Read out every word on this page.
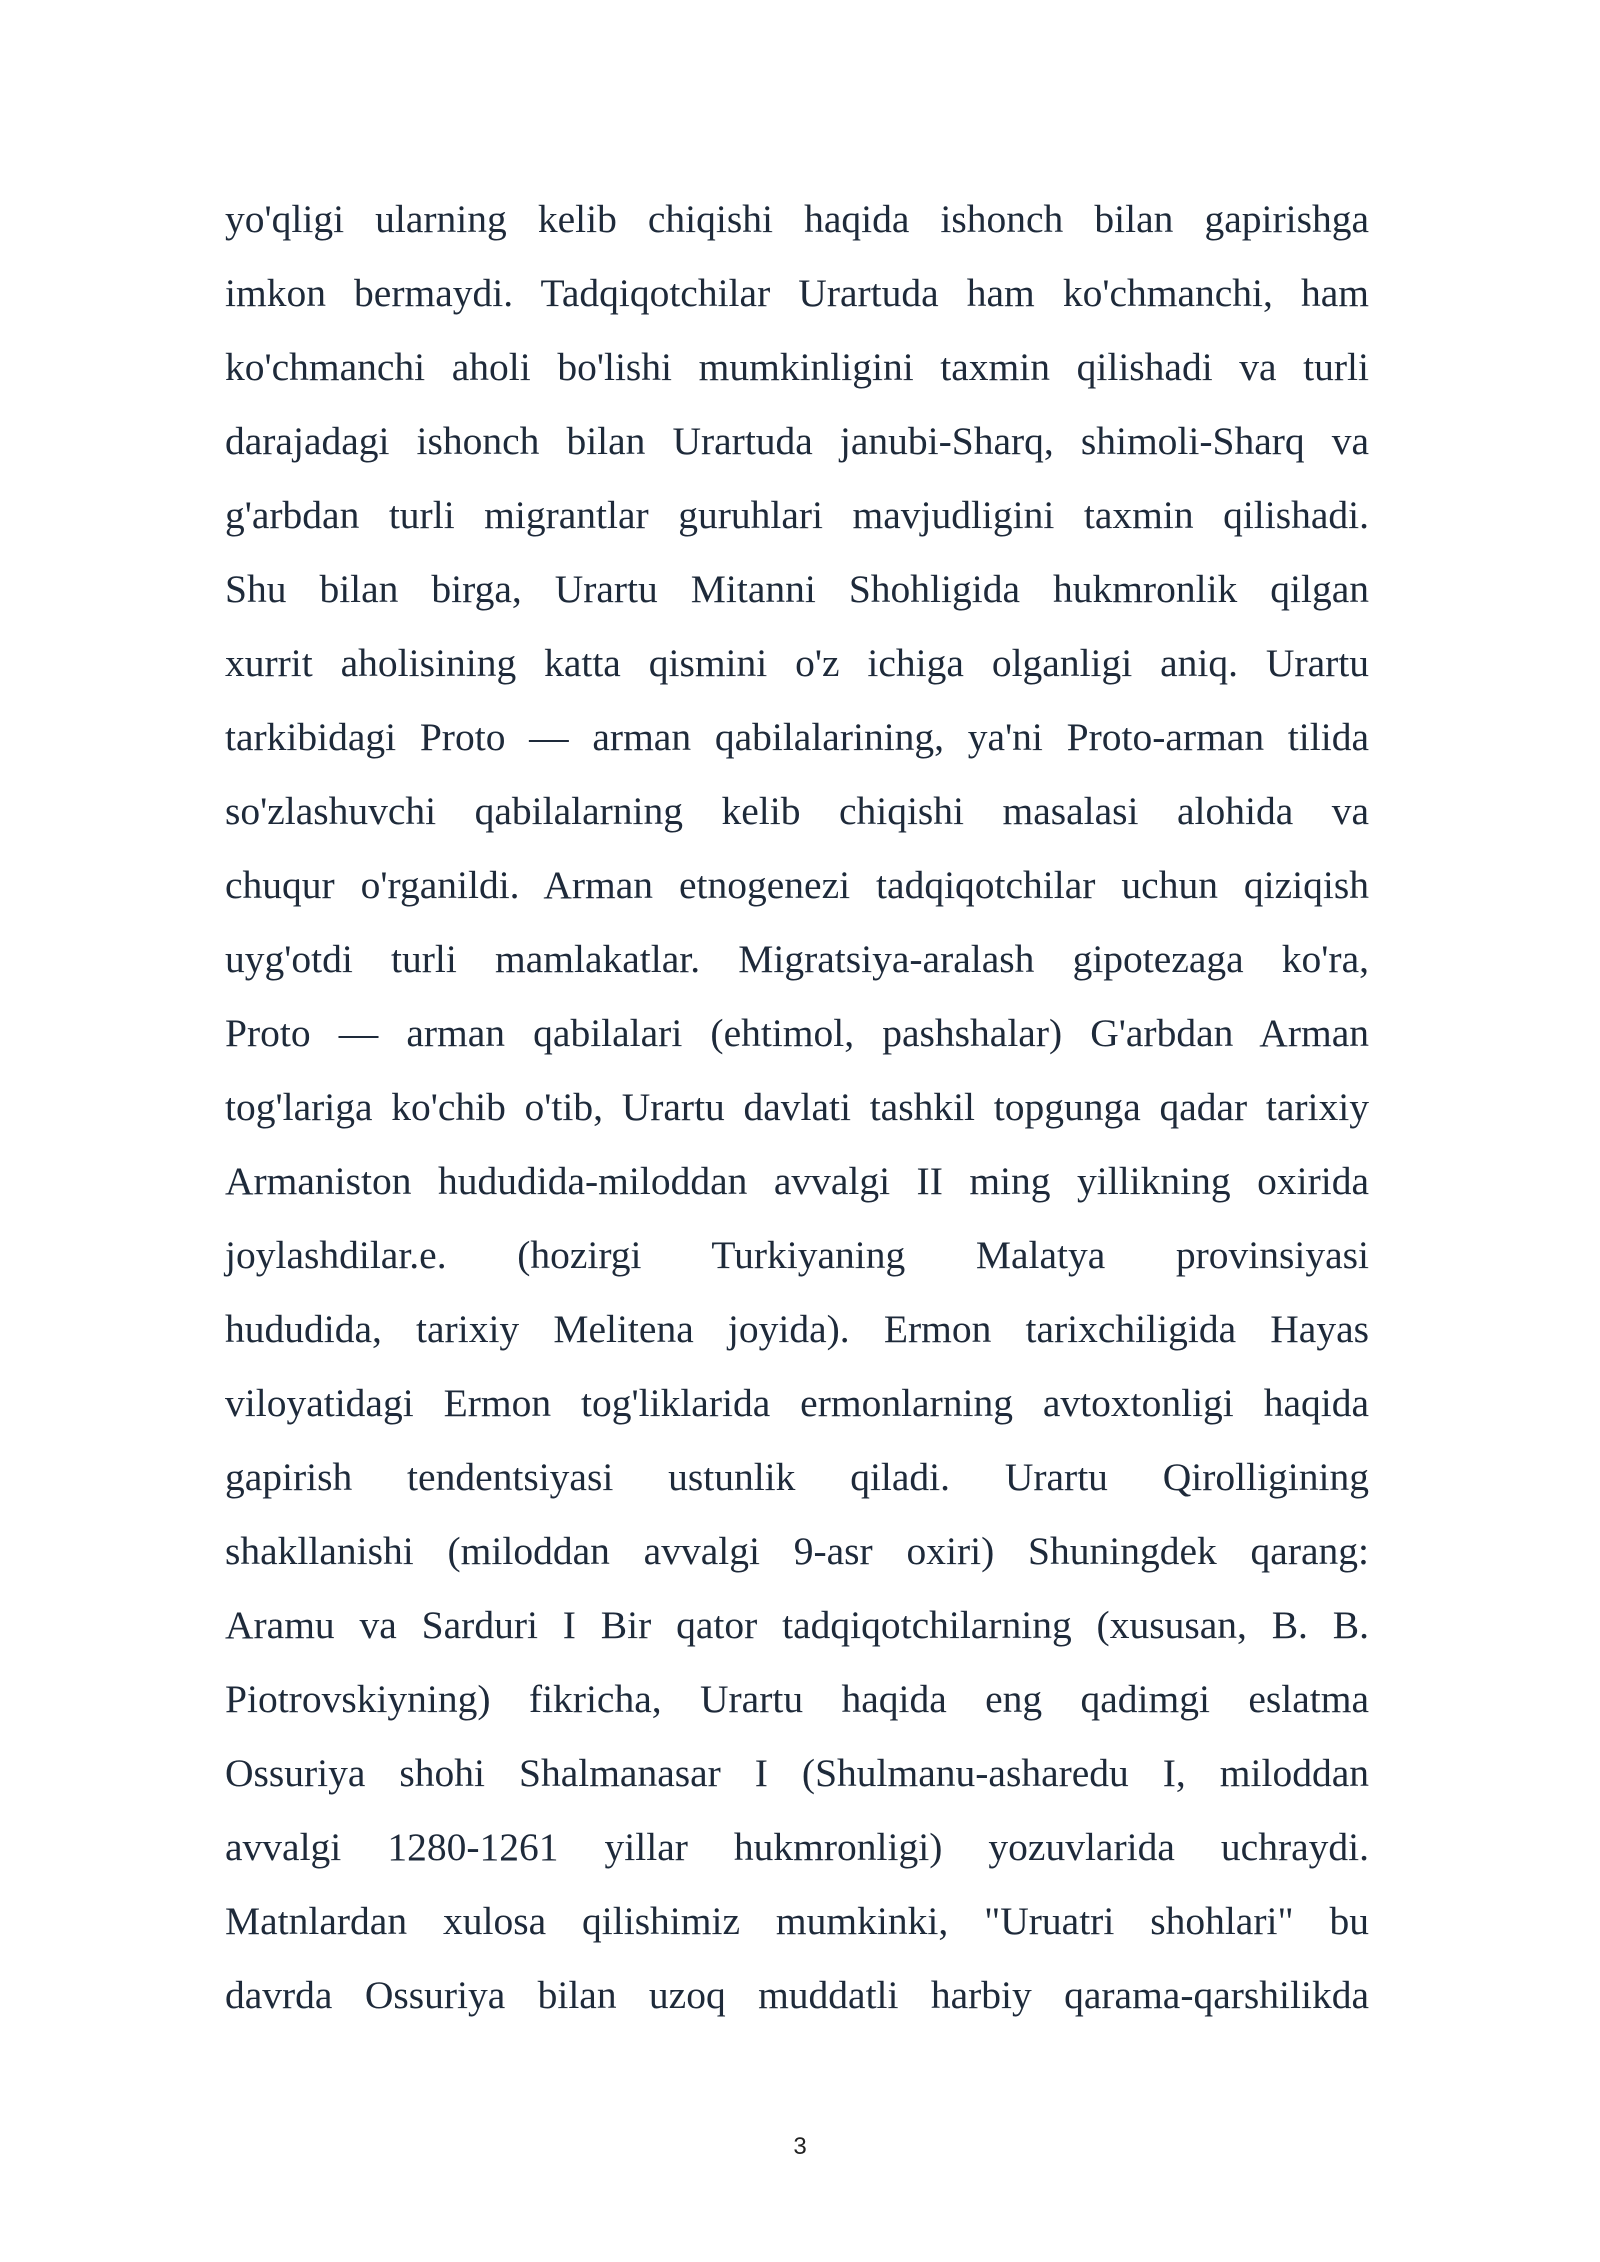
yo'qligi ularning kelib chiqishi haqida ishonch bilan gapirishga
imkon bermaydi. Tadqiqotchilar Urartuda ham ko'chmanchi, ham
ko'chmanchi aholi bo'lishi mumkinligini taxmin qilishadi va turli
darajadagi ishonch bilan Urartuda janubi-Sharq, shimoli-Sharq va
g'arbdan turli migrantlar guruhlari mavjudligini taxmin qilishadi.
Shu bilan birga, Urartu Mitanni Shohligida hukmronlik qilgan
xurrit aholisining katta qismini o'z ichiga olganligi aniq. Urartu
tarkibidagi Proto — arman qabilalarining, ya'ni Proto-arman tilida
so'zlashuvchi qabilalarning kelib chiqishi masalasi alohida va
chuqur o'rganildi. Arman etnogenezi tadqiqotchilar uchun qiziqish
uyg'otdi turli mamlakatlar. Migratsiya-aralash gipotezaga ko'ra,
Proto — arman qabilalari (ehtimol, pashshalar) G'arbdan Arman
tog'lariga ko'chib o'tib, Urartu davlati tashkil topgunga qadar tarixiy
Armaniston hududida-miloddan avvalgi II ming yillikning oxirida
joylashdilar.e. (hozirgi Turkiyaning Malatya provinsiyasi
hududida, tarixiy Melitena joyida). Ermon tarixchiligida Hayas
viloyatidagi Ermon tog'liklarida ermonlarning avtoxtonligi haqida
gapirish tendentsiyasi ustunlik qiladi. Urartu Qirolligining
shakllanishi (miloddan avvalgi 9-asr oxiri) Shuningdek qarang:
Aramu va Sarduri I Bir qator tadqiqotchilarning (xususan, B. B.
Piotrovskiyning) fikricha, Urartu haqida eng qadimgi eslatma
Ossuriya shohi Shalmanasar I (Shulmanu-asharedu I, miloddan
avvalgi 1280-1261 yillar hukmronligi) yozuvlarida uchraydi.
Matnlardan xulosa qilishimiz mumkinki, "Uruatri shohlari" bu
davrda Ossuriya bilan uzoq muddatli harbiy qarama-qarshilikda
3
